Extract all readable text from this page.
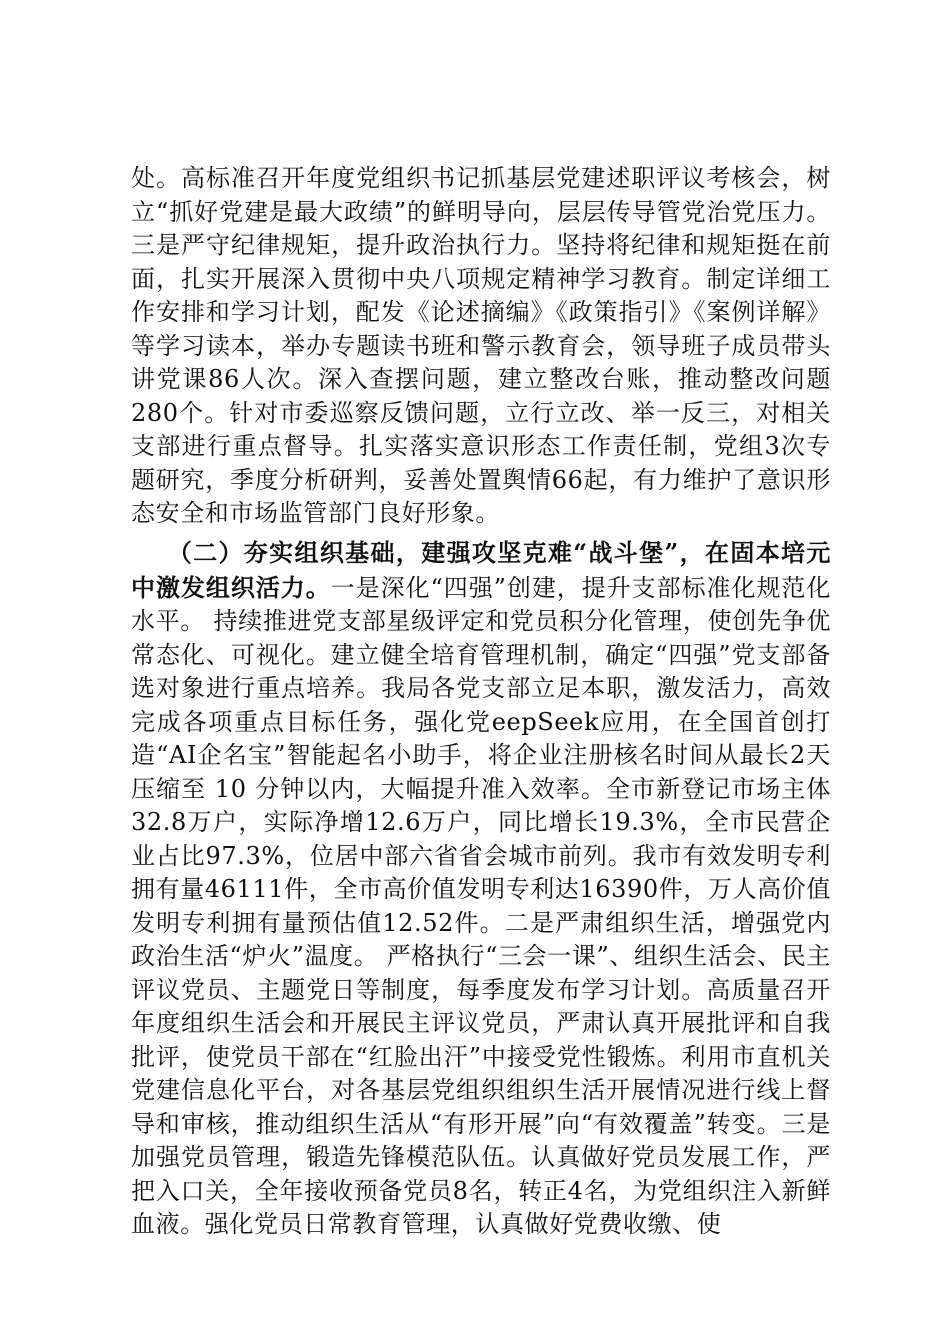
处。高标准召开年度党组织书记抓基层党建述职评议考核会，树立“抓好党建是最大政绩”的鲜明导向，层层传导管党治党压力。三是严守纪律规矩，提升政治执行力。坚持将纪律和规矩挺在前面，扎实开展深入贯彻中央八项规定精神学习教育。制定详细工作安排和学习计划，配发《论述摘编》《政策指引》《案例详解》等学习读本，举办专题读书班和警示教育会，领导班子成员带头讲党课86人次。深入查摆问题，建立整改台账，推动整改问题280个。针对市委巡察反馈问题，立行立改、举一反三，对相关支部进行重点督导。扎实落实意识形态工作责任制，党组3次专题研究，季度分析研判，妥善处置舆情66起，有力维护了意识形态安全和市场监管部门良好形象。
（二）夯实组织基础，建强攻坚克难“战斗堡”，在固本培元中激发组织活力。一是深化“四强”创建，提升支部标准化规范化水平。 持续推进党支部星级评定和党员积分化管理，使创先争优常态化、可视化。建立健全培育管理机制，确定“四强”党支部备选对象进行重点培养。我局各党支部立足本职，激发活力，高效完成各项重点目标任务，强化党eepSeek应用，在全国首创打造“AI企名宝”智能起名小助手，将企业注册核名时间从最长2天压缩至 10 分钟以内，大幅提升准入效率。全市新登记市场主体32.8万户，实际净增12.6万户，同比增长19.3%，全市民营企业占比97.3%，位居中部六省省会城市前列。我市有效发明专利拥有量46111件，全市高价值发明专利达16390件，万人高价值发明专利拥有量预估值12.52件。二是严肃组织生活，增强党内政治生活“炉火”温度。 严格执行“三会一课”、组织生活会、民主评议党员、主题党日等制度，每季度发布学习计划。高质量召开年度组织生活会和开展民主评议党员，严肃认真开展批评和自我批评，使党员干部在“红脸出汗”中接受党性锻炼。利用市直机关党建信息化平台，对各基层党组织组织生活开展情况进行线上督导和审核，推动组织生活从“有形开展”向“有效覆盖”转变。三是加强党员管理，锻造先锋模范队伍。认真做好党员发展工作，严把入口关，全年接收预备党员8名，转正4名，为党组织注入新鲜血液。强化党员日常教育管理，认真做好党费收缴、使
